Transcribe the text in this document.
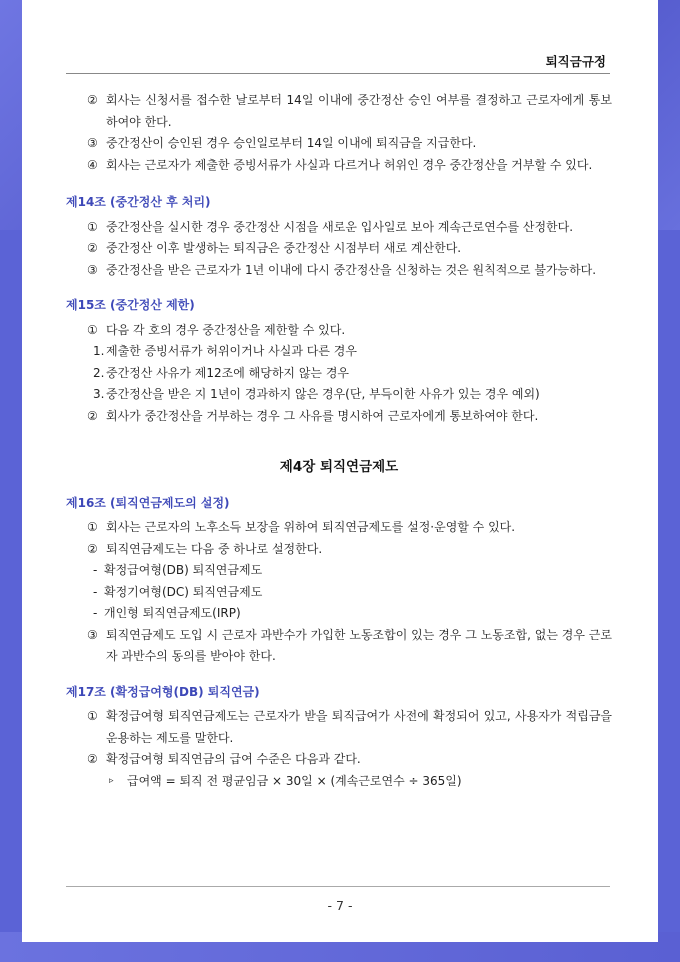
퇴직금규정
② 회사는 신청서를 접수한 날로부터 14일 이내에 중간정산 승인 여부를 결정하고 근로자에게 통보하여야 한다.
③ 중간정산이 승인된 경우 승인일로부터 14일 이내에 퇴직금을 지급한다.
④ 회사는 근로자가 제출한 증빙서류가 사실과 다르거나 허위인 경우 중간정산을 거부할 수 있다.
제14조 (중간정산 후 처리)
① 중간정산을 실시한 경우 중간정산 시점을 새로운 입사일로 보아 계속근로연수를 산정한다.
② 중간정산 이후 발생하는 퇴직금은 중간정산 시점부터 새로 계산한다.
③ 중간정산을 받은 근로자가 1년 이내에 다시 중간정산을 신청하는 것은 원칙적으로 불가능하다.
제15조 (중간정산 제한)
① 다음 각 호의 경우 중간정산을 제한할 수 있다.
1. 제출한 증빙서류가 허위이거나 사실과 다른 경우
2. 중간정산 사유가 제12조에 해당하지 않는 경우
3. 중간정산을 받은 지 1년이 경과하지 않은 경우(단, 부득이한 사유가 있는 경우 예외)
② 회사가 중간정산을 거부하는 경우 그 사유를 명시하여 근로자에게 통보하여야 한다.
제4장 퇴직연금제도
제16조 (퇴직연금제도의 설정)
① 회사는 근로자의 노후소득 보장을 위하여 퇴직연금제도를 설정·운영할 수 있다.
② 퇴직연금제도는 다음 중 하나로 설정한다.
- 확정급여형(DB) 퇴직연금제도
- 확정기여형(DC) 퇴직연금제도
- 개인형 퇴직연금제도(IRP)
③ 퇴직연금제도 도입 시 근로자 과반수가 가입한 노동조합이 있는 경우 그 노동조합, 없는 경우 근로자 과반수의 동의를 받아야 한다.
제17조 (확정급여형(DB) 퇴직연금)
① 확정급여형 퇴직연금제도는 근로자가 받을 퇴직급여가 사전에 확정되어 있고, 사용자가 적립금을 운용하는 제도를 말한다.
② 확정급여형 퇴직연금의 급여 수준은 다음과 같다.
▹ 급여액 = 퇴직 전 평균임금 × 30일 × (계속근로연수 ÷ 365일)
- 7 -
